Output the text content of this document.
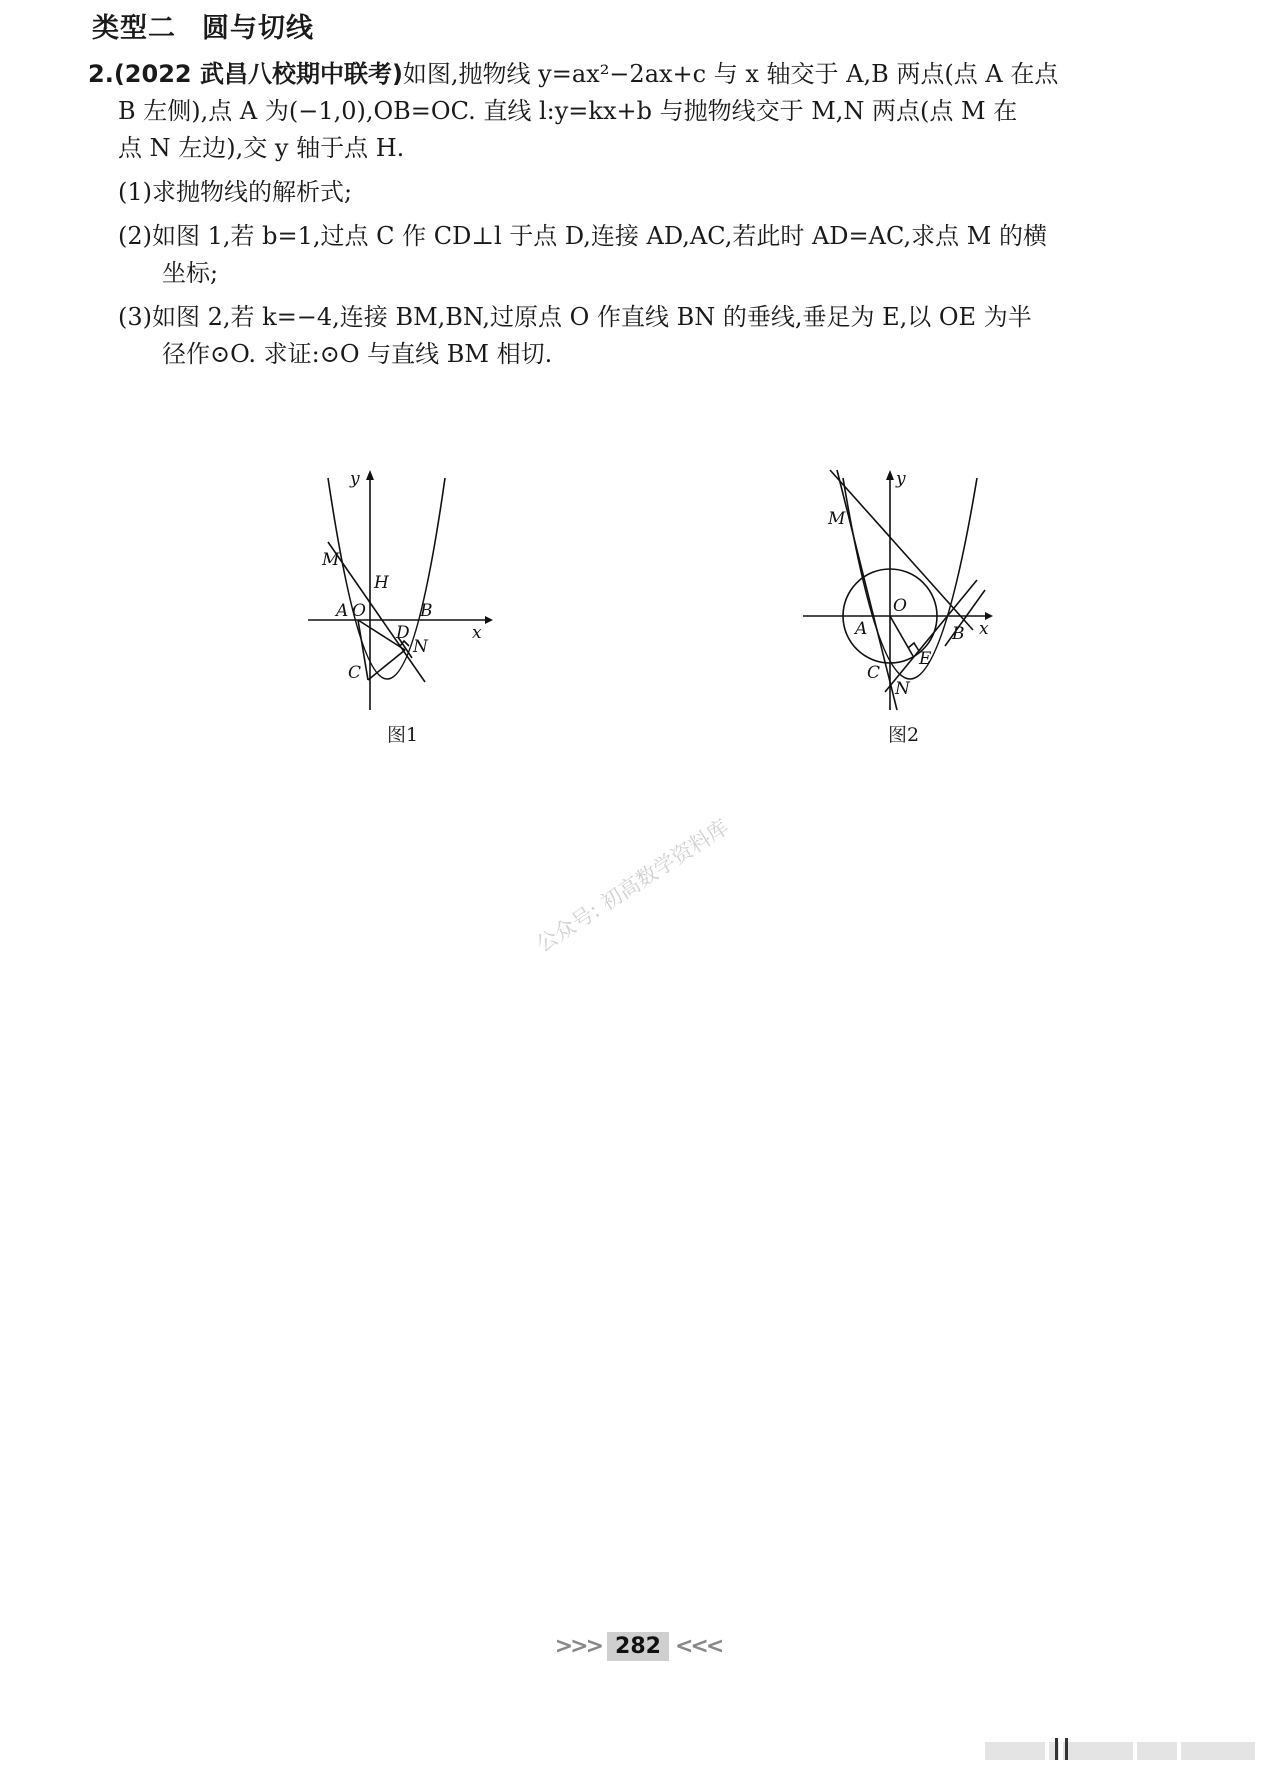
类型二 圆与切线

2.(2022 武昌八校期中联考)如图,抛物线 y=ax²−2ax+c 与 x 轴交于 A,B 两点(点 A 在点
B 左侧),点 A 为(−1,0),OB=OC. 直线 l:y=kx+b 与抛物线交于 M,N 两点(点 M 在
点 N 左边),交 y 轴于点 H.

(1)求抛物线的解析式;

(2)如图 1,若 b=1,过点 C 作 CD⊥l 于点 D,连接 AD,AC,若此时 AD=AC,求点 M 的横
坐标;

(3)如图 2,若 k=−4,连接 BM,BN,过原点 O 作直线 BN 的垂线,垂足为 E,以 OE 为半
径作⊙O. 求证:⊙O 与直线 BM 相切.

y
x
M
H
A O
D
B
N
C
图1
y
x
M
O
A	B
E
C
N
图2
公众号: 初高数学资料库
>>> 282 <<<
